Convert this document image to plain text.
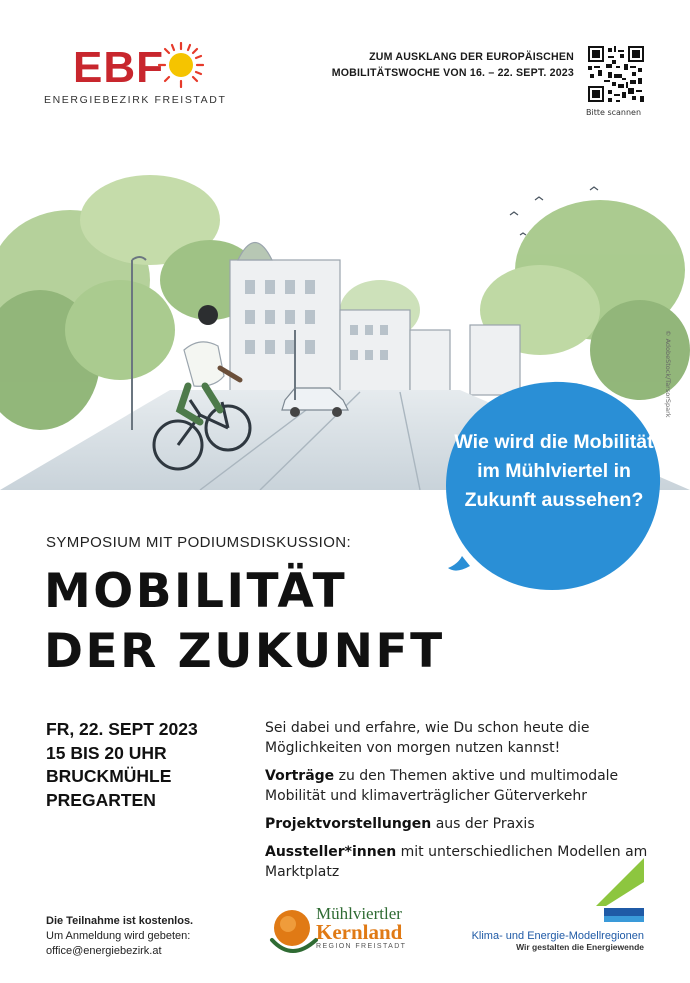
EBF
ENERGIEBEZIRK FREISTADT
ZUM AUSKLANG DER EUROPÄISCHEN
MOBILITÄTSWOCHE VON 16. – 22. SEPT. 2023
Bitte scannen
© AdobeStock/TarsorSpark
Wie wird die Mobilität im Mühlviertel in Zukunft aussehen?
SYMPOSIUM MIT PODIUMSDISKUSSION:
MOBILITÄT
DER ZUKUNFT
FR, 22. SEPT 2023
15 BIS 20 UHR
BRUCKMÜHLE
PREGARTEN

Sei dabei und erfahre, wie Du schon heute die Möglichkeiten von morgen nutzen kannst!

Vorträge zu den Themen aktive und multimodale Mobilität und klimaverträglicher Güterverkehr

Projektvorstellungen aus der Praxis

Aussteller*innen mit unterschiedlichen Modellen am Marktplatz

Die Teilnahme ist kostenlos.
Um Anmeldung wird gebeten:
office@energiebezirk.at
Mühlviertler
Kernland
REGION FREISTADT
Klima- und Energie-Modellregionen
Wir gestalten die Energiewende
